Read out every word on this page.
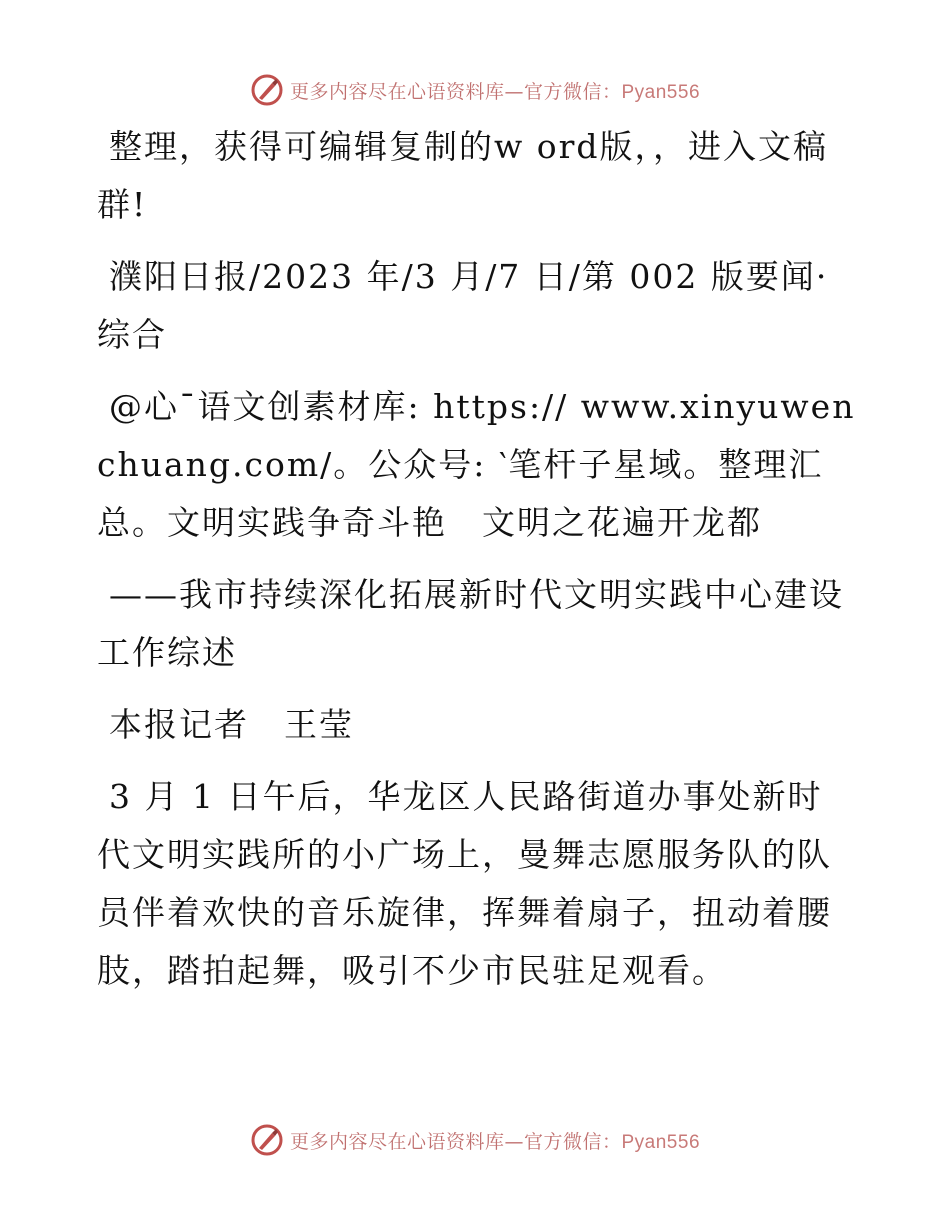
更多内容尽在心语资料库—官方微信：Pyan556

整理，获得可编辑复制的w ord版，，进入文稿群!

濮阳日报/2023 年/3 月/7 日/第 002 版要闻·综合

@心¯语文创素材库: https:// www.xinyuwenchuang.com/。公众号: ‵笔杆子星域。整理汇总。文明实践争奇斗艳　文明之花遍开龙都

——我市持续深化拓展新时代文明实践中心建设工作综述

本报记者　王莹

3 月 1 日午后，华龙区人民路街道办事处新时代文明实践所的小广场上，曼舞志愿服务队的队员伴着欢快的音乐旋律，挥舞着扇子，扭动着腰肢，踏拍起舞，吸引不少市民驻足观看。

更多内容尽在心语资料库—官方微信：Pyan556
